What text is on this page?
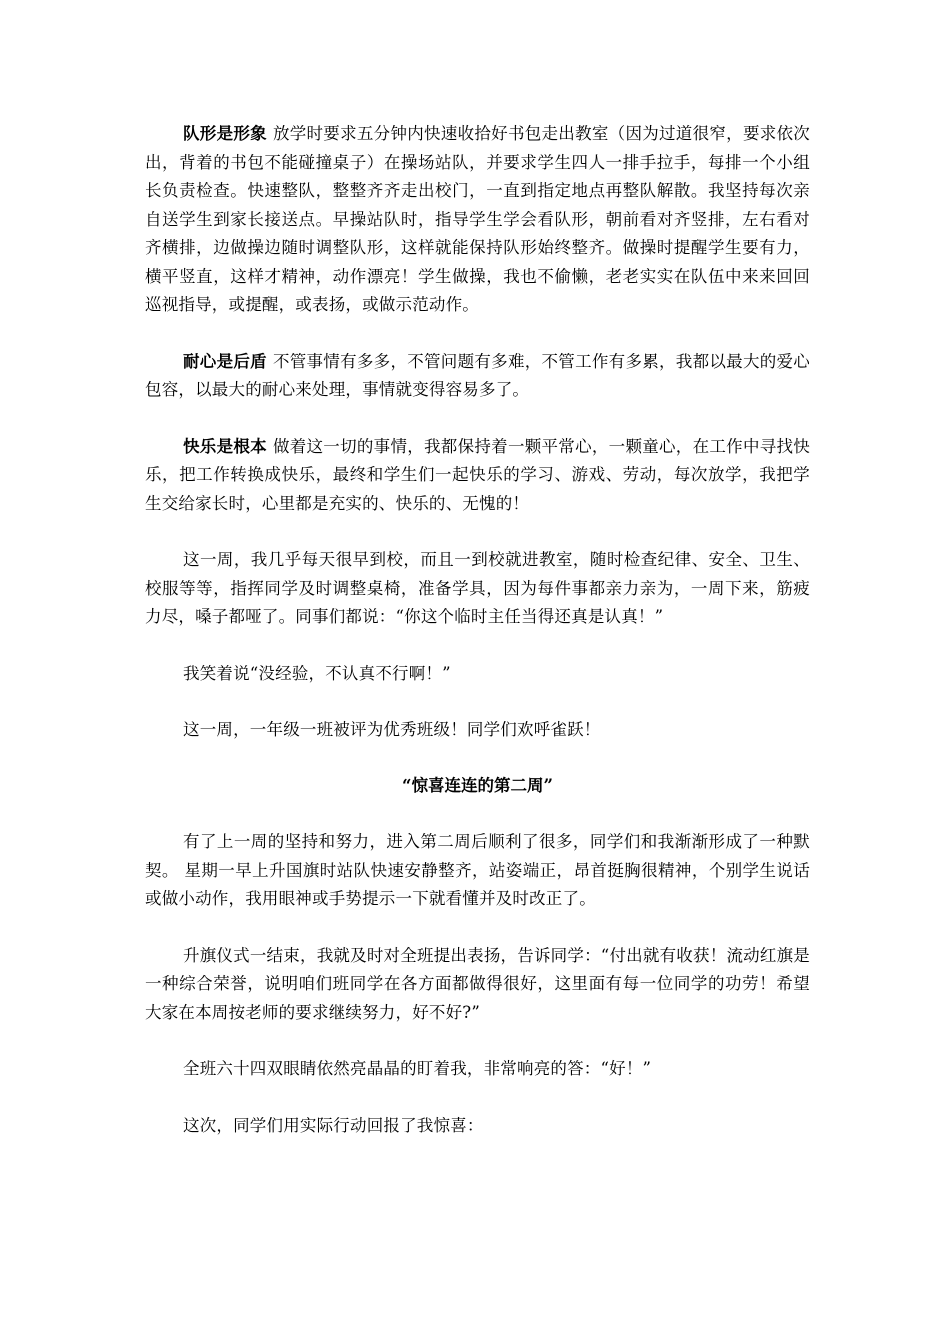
队形是形象 放学时要求五分钟内快速收拾好书包走出教室（因为过道很窄，要求依次出，背着的书包不能碰撞桌子）在操场站队，并要求学生四人一排手拉手，每排一个小组长负责检查。快速整队，整整齐齐走出校门，一直到指定地点再整队解散。我坚持每次亲自送学生到家长接送点。早操站队时，指导学生学会看队形，朝前看对齐竖排，左右看对齐横排，边做操边随时调整队形，这样就能保持队形始终整齐。做操时提醒学生要有力，横平竖直，这样才精神，动作漂亮！学生做操，我也不偷懒，老老实实在队伍中来来回回巡视指导，或提醒，或表扬，或做示范动作。

耐心是后盾 不管事情有多多，不管问题有多难，不管工作有多累，我都以最大的爱心包容，以最大的耐心来处理，事情就变得容易多了。

快乐是根本 做着这一切的事情，我都保持着一颗平常心，一颗童心，在工作中寻找快乐，把工作转换成快乐，最终和学生们一起快乐的学习、游戏、劳动，每次放学，我把学生交给家长时，心里都是充实的、快乐的、无愧的！

这一周，我几乎每天很早到校，而且一到校就进教室，随时检查纪律、安全、卫生、校服等等，指挥同学及时调整桌椅，准备学具，因为每件事都亲力亲为，一周下来，筋疲力尽，嗓子都哑了。同事们都说：“你这个临时主任当得还真是认真！”

我笑着说“没经验，不认真不行啊！”

这一周，一年级一班被评为优秀班级！同学们欢呼雀跃！

“惊喜连连的第二周”

有了上一周的坚持和努力，进入第二周后顺利了很多，同学们和我渐渐形成了一种默契。 星期一早上升国旗时站队快速安静整齐，站姿端正，昂首挺胸很精神，个别学生说话或做小动作，我用眼神或手势提示一下就看懂并及时改正了。

升旗仪式一结束，我就及时对全班提出表扬，告诉同学：“付出就有收获！流动红旗是一种综合荣誉，说明咱们班同学在各方面都做得很好，这里面有每一位同学的功劳！希望大家在本周按老师的要求继续努力，好不好?”

全班六十四双眼睛依然亮晶晶的盯着我，非常响亮的答：“好！”

这次，同学们用实际行动回报了我惊喜：
